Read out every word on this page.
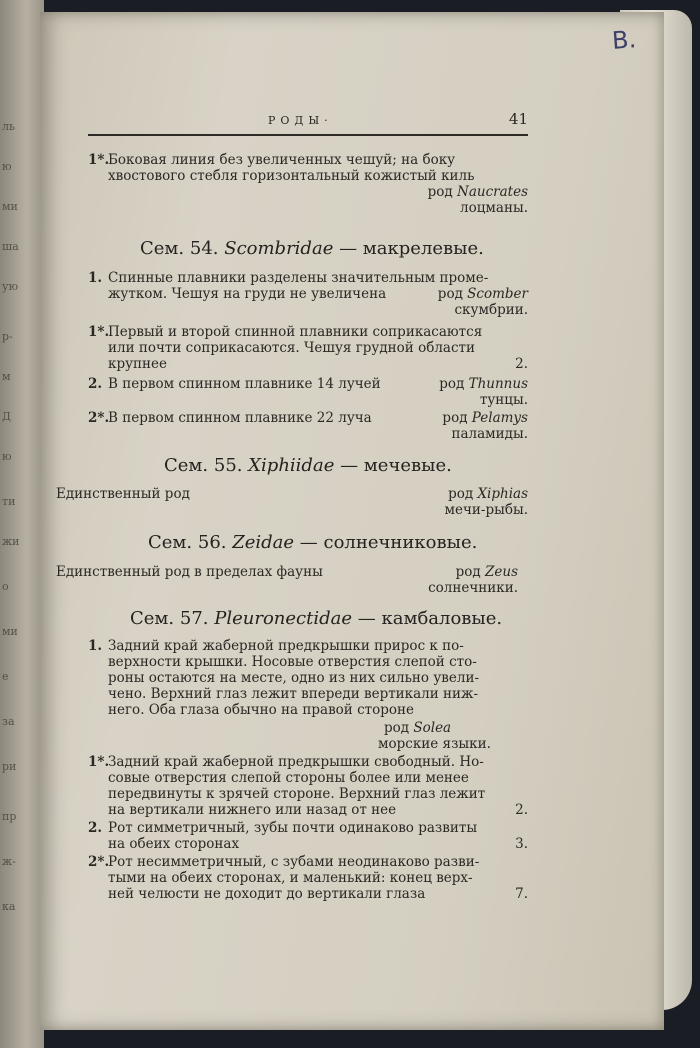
ль
ю
ми
ша
ую
р-
м
Д
ю
ти
жи
о
ми
е
за
ри
пр
ж-
ка
В.
РОДЫ·	41
1*.
Боковая линия без увеличенных чешуй; на боку
хвостового стебля горизонтальный кожистый киль
род Naucrates
лоцманы.
Сем. 54. Scombridae — макрелевые.
1. Спинные плавники разделены значительным проме-
жутком. Чешуя на груди не увеличена	род Scomber
скумбрии.
1*.
Первый и второй спинной плавники соприкасаются
или почти соприкасаются. Чешуя грудной области
крупнее	2.
2. В первом спинном плавнике 14 лучей	род Thunnus
тунцы.
2*.
В первом спинном плавнике 22 луча	род Pelamys
паламиды.
Сем. 55. Xiphiidae — мечевые.
Единственный род	род Xiphias
мечи-рыбы.
Сем. 56. Zeidae — солнечниковые.
Единственный род в пределах фауны	род Zeus
солнечники.
Сем. 57. Pleuronectidae — камбаловые.
1. Задний край жаберной предкрышки прирос к по-
верхности крышки. Носовые отверстия слепой сто-
роны остаются на месте, одно из них сильно увели-
чено. Верхний глаз лежит впереди вертикали ниж-
него. Оба глаза обычно на правой стороне
род Solea
морские языки.
1*.
Задний край жаберной предкрышки свободный. Но-
совые отверстия слепой стороны более или менее
передвинуты к зрячей стороне. Верхний глаз лежит
на вертикали нижнего или назад от нее	2.
2. Рот симметричный, зубы почти одинаково развиты
на обеих сторонах	3.
2*.
Рот несимметричный, с зубами неодинаково разви-
тыми на обеих сторонах, и маленький: конец верх-
ней челюсти не доходит до вертикали глаза	7.
